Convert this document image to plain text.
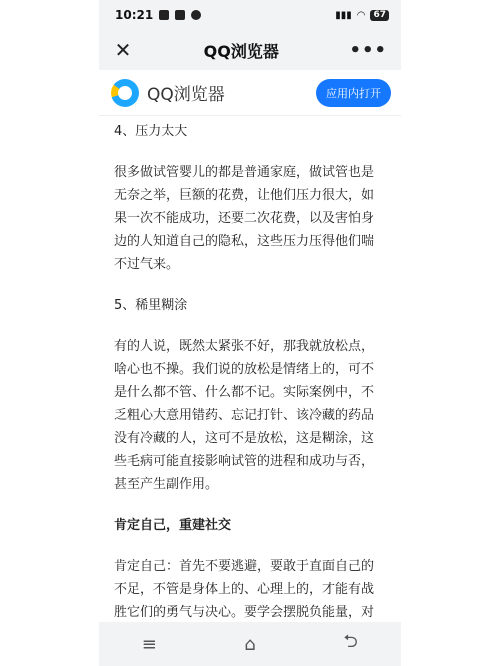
10:21	▮▮▮ ◠ 67
✕	QQ浏览器	•••
QQ浏览器	应用内打开

4、压力太大

很多做试管婴儿的都是普通家庭，做试管也是无奈之举，巨额的花费，让他们压力很大，如果一次不能成功，还要二次花费，以及害怕身边的人知道自己的隐私，这些压力压得他们喘不过气来。

5、稀里糊涂

有的人说，既然太紧张不好，那我就放松点，啥心也不操。我们说的放松是情绪上的，可不是什么都不管、什么都不记。实际案例中，不乏粗心大意用错药、忘记打针、该冷藏的药品没有冷藏的人，这可不是放松，这是糊涂，这些毛病可能直接影响试管的进程和成功与否，甚至产生副作用。

肯定自己，重建社交

肯定自己：首先不要逃避，要敢于直面自己的不足，不管是身体上的、心理上的，才能有战胜它们的勇气与决心。要学会摆脱负能量，对

≡	⌂	⮌
